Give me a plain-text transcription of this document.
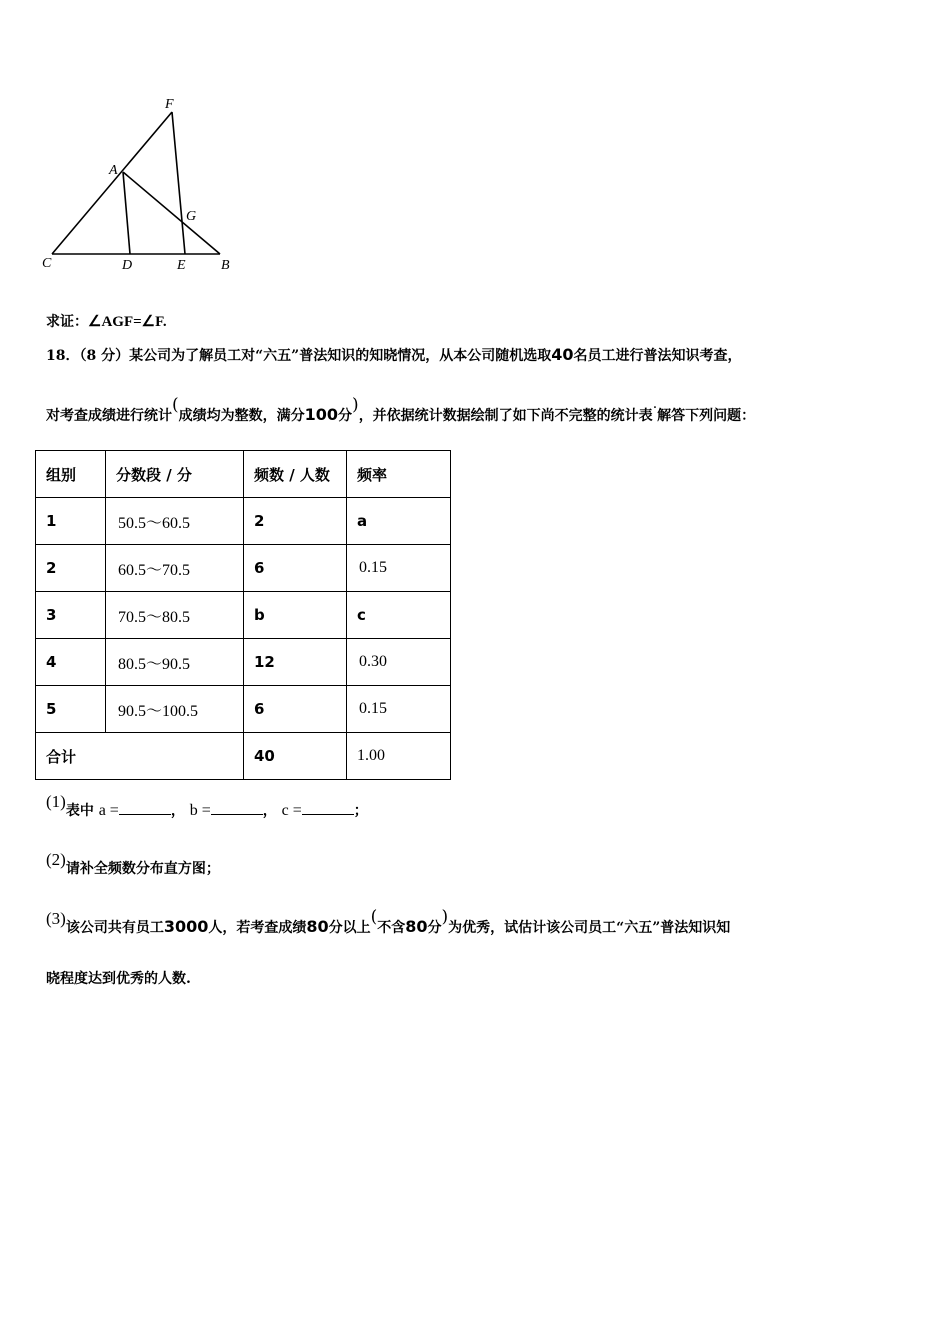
F
A
G
C	D	E	B
求证：∠AGF=∠F.
18．（8 分）某公司为了解员工对“六五”普法知识的知晓情况，从本公司随机选取40名员工进行普法知识考查，
对考查成绩进行统计(成绩均为整数，满分100分)，并依据统计数据绘制了如下尚不完整的统计表·解答下列问题：
组别	分数段 / 分	频数 / 人数	频率
1	50.5～60.5	2	a
2	60.5～70.5	6	0.15
3	70.5～80.5	b	c
4	80.5～90.5	12	0.30
5	90.5～100.5	6	0.15
合计		40	1.00
(1)表中 a =	， b =	， c =	；
(2)请补全频数分布直方图；
(3)该公司共有员工3000人，若考查成绩80分以上(不含80分)为优秀，试估计该公司员工“六五”普法知识知
晓程度达到优秀的人数.
